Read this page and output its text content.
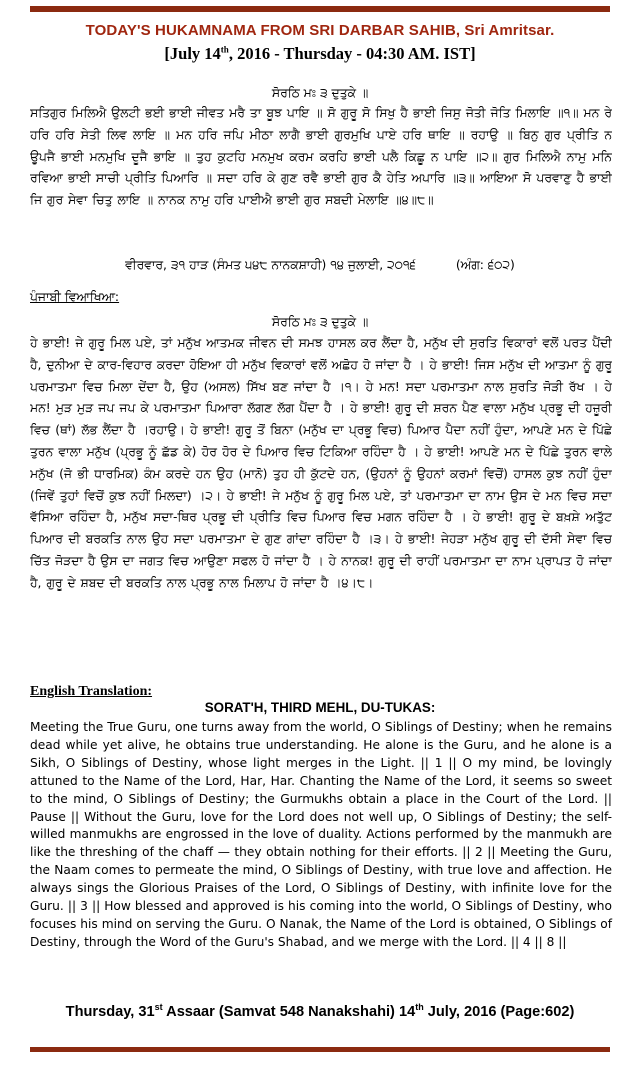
TODAY'S HUKAMNAMA FROM SRI DARBAR SAHIB, Sri Amritsar.
[July 14th, 2016 - Thursday - 04:30 AM. IST]
ਸੋਰਠਿ ਮਃ ੩ ਦੁਤੁਕੇ ॥
ਸਤਿਗੁਰ ਮਿਲਿਐ ਉਲਟੀ ਭਈ ਭਾਈ ਜੀਵਤ ਮਰੈ ਤਾ ਬੂਝ ਪਾਇ ॥ ਸੋ ਗੁਰੂ ਸੋ ਸਿਖੁ ਹੈ ਭਾਈ ਜਿਸੁ ਜੋਤੀ ਜੋਤਿ ਮਿਲਾਇ ॥੧॥ ਮਨ ਰੇ ਹਰਿ ਹਰਿ ਸੇਤੀ ਲਿਵ ਲਾਇ ॥ ਮਨ ਹਰਿ ਜਪਿ ਮੀਠਾ ਲਾਗੈ ਭਾਈ ਗੁਰਮੁਖਿ ਪਾਏ ਹਰਿ ਥਾਇ ॥ ਰਹਾਉ ॥ ਬਿਨੁ ਗੁਰ ਪ੍ਰੀਤਿ ਨ ਊਪਜੈ ਭਾਈ ਮਨਮੁਖਿ ਦੂਜੈ ਭਾਇ ॥ ਤੁਹ ਕੁਟਹਿ ਮਨਮੁਖ ਕਰਮ ਕਰਹਿ ਭਾਈ ਪਲੈ ਕਿਛੂ ਨ ਪਾਇ ॥੨॥ ਗੁਰ ਮਿਲਿਐ ਨਾਮੁ ਮਨਿ ਰਵਿਆ ਭਾਈ ਸਾਚੀ ਪ੍ਰੀਤਿ ਪਿਆਰਿ ॥ ਸਦਾ ਹਰਿ ਕੇ ਗੁਣ ਰਵੈ ਭਾਈ ਗੁਰ ਕੈ ਹੇਤਿ ਅਪਾਰਿ ॥੩॥ ਆਇਆ ਸੋ ਪਰਵਾਣੁ ਹੈ ਭਾਈ ਜਿ ਗੁਰ ਸੇਵਾ ਚਿਤੁ ਲਾਇ ॥ ਨਾਨਕ ਨਾਮੁ ਹਰਿ ਪਾਈਐ ਭਾਈ ਗੁਰ ਸਬਦੀ ਮੇਲਾਇ ॥੪॥੮॥
ਵੀਰਵਾਰ, ੩੧ ਹਾੜ (ਸੰਮਤ ੫੪੮ ਨਾਨਕਸ਼ਾਹੀ) ੧੪ ਜੁਲਾਈ, ੨੦੧੬	(ਅੰਗ: ੬੦੨)
ਪੰਜਾਬੀ ਵਿਆਖਿਆ:
ਸੋਰਠਿ ਮਃ ੩ ਦੁਤੁਕੇ ॥
ਹੇ ਭਾਈ! ਜੇ ਗੁਰੂ ਮਿਲ ਪਏ, ਤਾਂ ਮਨੁੱਖ ਆਤਮਕ ਜੀਵਨ ਦੀ ਸਮਝ ਹਾਸਲ ਕਰ ਲੈਂਦਾ ਹੈ, ਮਨੁੱਖ ਦੀ ਸੁਰਤਿ ਵਿਕਾਰਾਂ ਵਲੋਂ ਪਰਤ ਪੈਂਦੀ ਹੈ, ਦੁਨੀਆ ਦੇ ਕਾਰ-ਵਿਹਾਰ ਕਰਦਾ ਹੋਇਆ ਹੀ ਮਨੁੱਖ ਵਿਕਾਰਾਂ ਵਲੋਂ ਅਛੋਹ ਹੋ ਜਾਂਦਾ ਹੈ । ਹੇ ਭਾਈ! ਜਿਸ ਮਨੁੱਖ ਦੀ ਆਤਮਾ ਨੂੰ ਗੁਰੂ ਪਰਮਾਤਮਾ ਵਿਚ ਮਿਲਾ ਦੇਂਦਾ ਹੈ, ਉਹ (ਅਸਲ) ਸਿੱਖ ਬਣ ਜਾਂਦਾ ਹੈ ।੧। ਹੇ ਮਨ! ਸਦਾ ਪਰਮਾਤਮਾ ਨਾਲ ਸੁਰਤਿ ਜੋੜੀ ਰੱਖ । ਹੇ ਮਨ! ਮੁੜ ਮੁੜ ਜਪ ਜਪ ਕੇ ਪਰਮਾਤਮਾ ਪਿਆਰਾ ਲੱਗਣ ਲੱਗ ਪੈਂਦਾ ਹੈ । ਹੇ ਭਾਈ! ਗੁਰੂ ਦੀ ਸ਼ਰਨ ਪੈਣ ਵਾਲਾ ਮਨੁੱਖ ਪ੍ਰਭੂ ਦੀ ਹਜ਼ੂਰੀ ਵਿਚ (ਥਾਂ) ਲੱਭ ਲੈਂਦਾ ਹੈ ।ਰਹਾਉ। ਹੇ ਭਾਈ! ਗੁਰੂ ਤੋਂ ਬਿਨਾ (ਮਨੁੱਖ ਦਾ ਪ੍ਰਭੂ ਵਿਚ) ਪਿਆਰ ਪੈਦਾ ਨਹੀਂ ਹੁੰਦਾ, ਆਪਣੇ ਮਨ ਦੇ ਪਿੱਛੇ ਤੁਰਨ ਵਾਲਾ ਮਨੁੱਖ (ਪ੍ਰਭੂ ਨੂੰ ਛੱਡ ਕੇ) ਹੋਰ ਹੋਰ ਦੇ ਪਿਆਰ ਵਿਚ ਟਿਕਿਆ ਰਹਿੰਦਾ ਹੈ । ਹੇ ਭਾਈ! ਆਪਣੇ ਮਨ ਦੇ ਪਿੱਛੇ ਤੁਰਨ ਵਾਲੇ ਮਨੁੱਖ (ਜੋ ਭੀ ਧਾਰਮਿਕ) ਕੰਮ ਕਰਦੇ ਹਨ ਉਹ (ਮਾਨੋ) ਤੁਹ ਹੀ ਕੁੱਟਦੇ ਹਨ, (ਉਹਨਾਂ ਨੂੰ ਉਹਨਾਂ ਕਰਮਾਂ ਵਿਚੋਂ) ਹਾਸਲ ਕੁਝ ਨਹੀਂ ਹੁੰਦਾ (ਜਿਵੇਂ ਤੁਹਾਂ ਵਿਚੋਂ ਕੁਝ ਨਹੀਂ ਮਿਲਦਾ) ।੨। ਹੇ ਭਾਈ! ਜੇ ਮਨੁੱਖ ਨੂੰ ਗੁਰੂ ਮਿਲ ਪਏ, ਤਾਂ ਪਰਮਾਤਮਾ ਦਾ ਨਾਮ ਉਸ ਦੇ ਮਨ ਵਿਚ ਸਦਾ ਵੱਸਿਆ ਰਹਿੰਦਾ ਹੈ, ਮਨੁੱਖ ਸਦਾ-ਥਿਰ ਪ੍ਰਭੂ ਦੀ ਪ੍ਰੀਤਿ ਵਿਚ ਪਿਆਰ ਵਿਚ ਮਗਨ ਰਹਿੰਦਾ ਹੈ । ਹੇ ਭਾਈ! ਗੁਰੂ ਦੇ ਬਖ਼ਸ਼ੇ ਅਤੁੱਟ ਪਿਆਰ ਦੀ ਬਰਕਤਿ ਨਾਲ ਉਹ ਸਦਾ ਪਰਮਾਤਮਾ ਦੇ ਗੁਣ ਗਾਂਦਾ ਰਹਿੰਦਾ ਹੈ ।੩। ਹੇ ਭਾਈ! ਜੇਹੜਾ ਮਨੁੱਖ ਗੁਰੂ ਦੀ ਦੱਸੀ ਸੇਵਾ ਵਿਚ ਚਿੱਤ ਜੋੜਦਾ ਹੈ ਉਸ ਦਾ ਜਗਤ ਵਿਚ ਆਉਣਾ ਸਫਲ ਹੋ ਜਾਂਦਾ ਹੈ । ਹੇ ਨਾਨਕ! ਗੁਰੂ ਦੀ ਰਾਹੀਂ ਪਰਮਾਤਮਾ ਦਾ ਨਾਮ ਪ੍ਰਾਪਤ ਹੋ ਜਾਂਦਾ ਹੈ, ਗੁਰੂ ਦੇ ਸ਼ਬਦ ਦੀ ਬਰਕਤਿ ਨਾਲ ਪ੍ਰਭੂ ਨਾਲ ਮਿਲਾਪ ਹੋ ਜਾਂਦਾ ਹੈ ।੪।੮।
English Translation:
SORAT'H, THIRD MEHL, DU-TUKAS:
Meeting the True Guru, one turns away from the world, O Siblings of Destiny; when he remains dead while yet alive, he obtains true understanding. He alone is the Guru, and he alone is a Sikh, O Siblings of Destiny, whose light merges in the Light. || 1 || O my mind, be lovingly attuned to the Name of the Lord, Har, Har. Chanting the Name of the Lord, it seems so sweet to the mind, O Siblings of Destiny; the Gurmukhs obtain a place in the Court of the Lord. || Pause || Without the Guru, love for the Lord does not well up, O Siblings of Destiny; the self-willed manmukhs are engrossed in the love of duality. Actions performed by the manmukh are like the threshing of the chaff — they obtain nothing for their efforts. || 2 || Meeting the Guru, the Naam comes to permeate the mind, O Siblings of Destiny, with true love and affection. He always sings the Glorious Praises of the Lord, O Siblings of Destiny, with infinite love for the Guru. || 3 || How blessed and approved is his coming into the world, O Siblings of Destiny, who focuses his mind on serving the Guru. O Nanak, the Name of the Lord is obtained, O Siblings of Destiny, through the Word of the Guru's Shabad, and we merge with the Lord. || 4 || 8 ||
Thursday, 31st Assaar (Samvat 548 Nanakshahi) 14th July, 2016 (Page:602)
